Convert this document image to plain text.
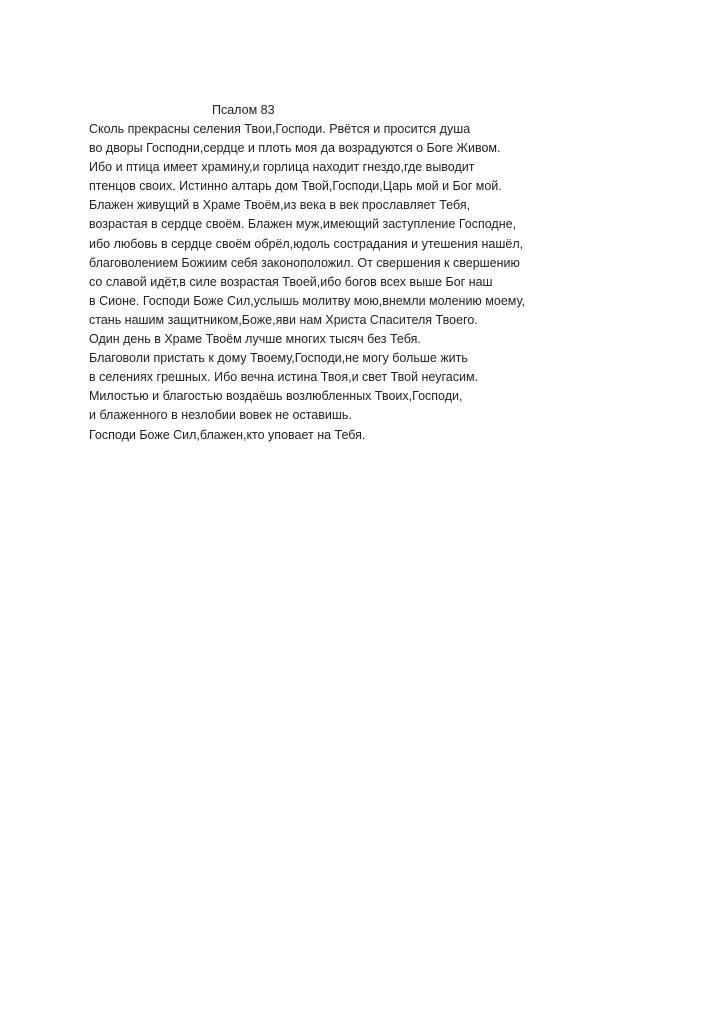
Псалом 83
Сколь прекрасны селения Твои,Господи. Рвётся и просится душа
во дворы Господни,сердце и плоть моя да возрадуются о Боге Живом.
Ибо и птица имеет храмину,и горлица находит гнездо,где выводит
птенцов своих. Истинно алтарь дом Твой,Господи,Царь мой и Бог мой.
Блажен живущий в Храме Твоём,из века в век прославляет Тебя,
возрастая в сердце своём. Блажен муж,имеющий заступление Господне,
ибо любовь в сердце своём обрёл,юдоль сострадания и утешения нашёл,
благоволением Божиим себя законоположил. От свершения к свершению
со славой идёт,в силе возрастая Твоей,ибо богов всех выше Бог наш
в Сионе. Господи Боже Сил,услышь молитву мою,внемли молению моему,
стань нашим защитником,Боже,яви нам Христа Спасителя Твоего.
Один день в Храме Твоём лучше многих тысяч без Тебя.
Благоволи пристать к дому Твоему,Господи,не могу больше жить
в селениях грешных. Ибо вечна истина Твоя,и свет Твой неугасим.
Милостью и благостью воздаёшь возлюбленных Твоих,Господи,
и блаженного в незлобии вовек не оставишь.
Господи Боже Сил,блажен,кто уповает на Тебя.
